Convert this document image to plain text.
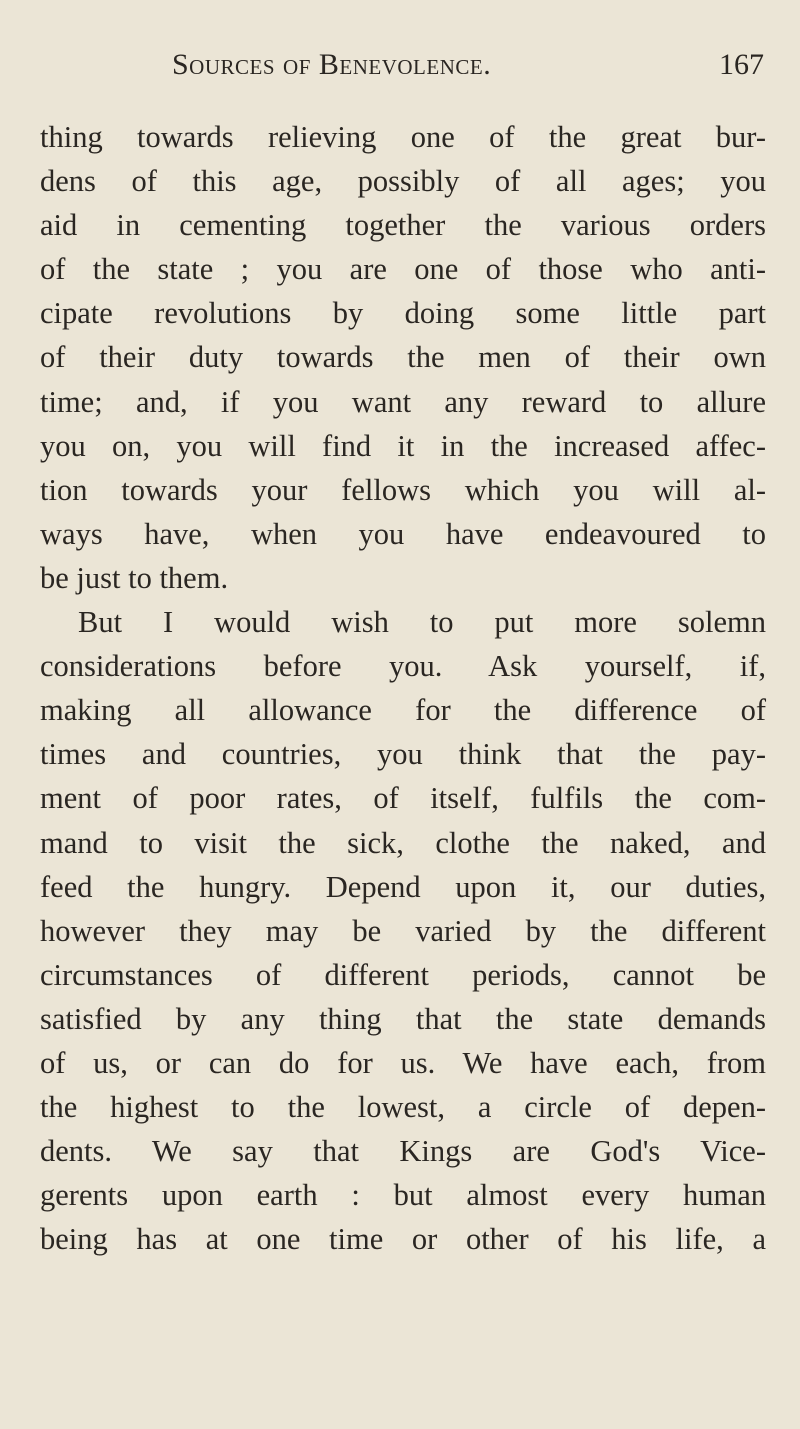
Sources of Benevolence.	167
thing towards relieving one of the great bur-
dens of this age, possibly of all ages; you
aid in cementing together the various orders
of the state ; you are one of those who anti-
cipate revolutions by doing some little part
of their duty towards the men of their own
time; and, if you want any reward to allure
you on, you will find it in the increased affec-
tion towards your fellows which you will al-
ways have, when you have endeavoured to
be just to them.
But I would wish to put more solemn
considerations before you. Ask yourself, if,
making all allowance for the difference of
times and countries, you think that the pay-
ment of poor rates, of itself, fulfils the com-
mand to visit the sick, clothe the naked, and
feed the hungry. Depend upon it, our duties,
however they may be varied by the different
circumstances of different periods, cannot be
satisfied by any thing that the state demands
of us, or can do for us. We have each, from
the highest to the lowest, a circle of depen-
dents. We say that Kings are God's Vice-
gerents upon earth : but almost every human
being has at one time or other of his life, a
